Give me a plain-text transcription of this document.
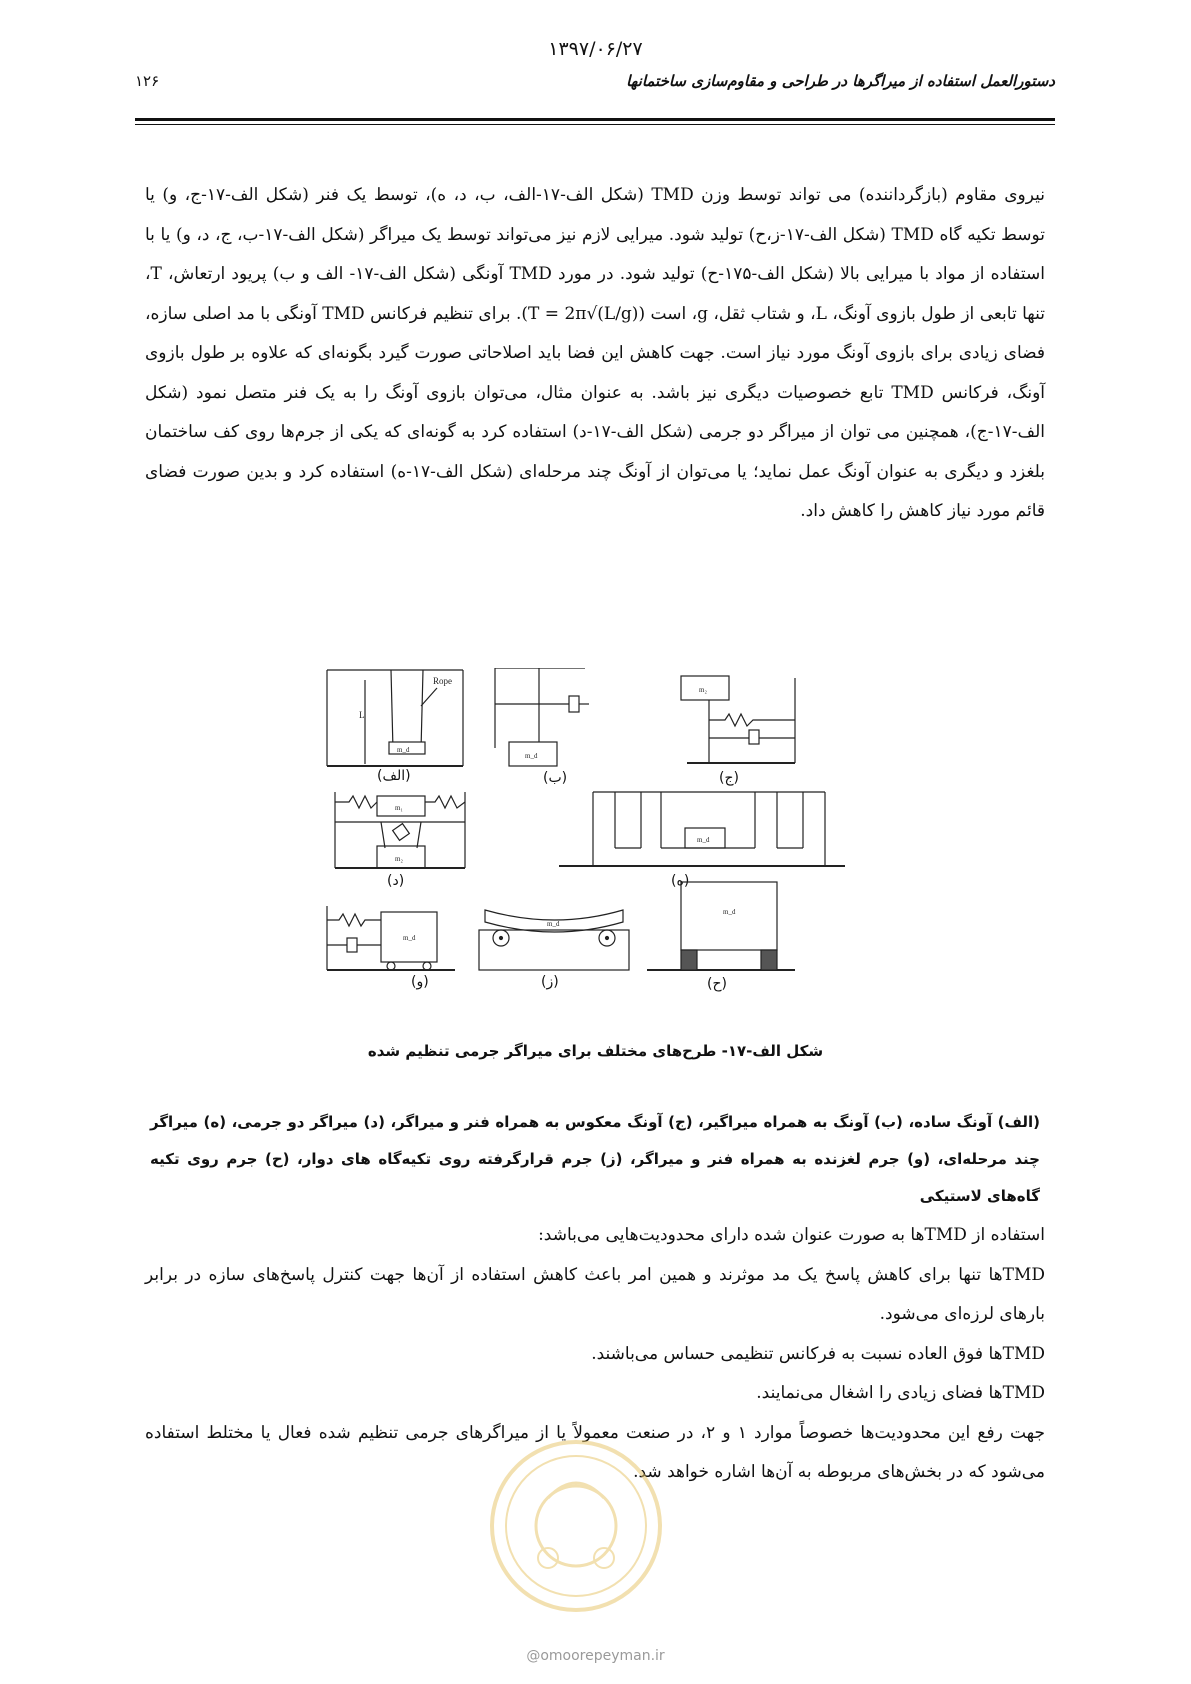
۱۳۹۷/۰۶/۲۷
دستورالعمل استفاده از میراگرها در طراحی و مقاوم‌سازی ساختمانها
۱۲۶
نیروی مقاوم (بازگرداننده) می تواند توسط وزن TMD (شکل الف-۱۷-الف، ب، د، ه)، توسط یک فنر (شکل الف-۱۷-ج، و) یا توسط تکیه گاه TMD (شکل الف-۱۷-ز،ح) تولید شود. میرایی لازم نیز می‌تواند توسط یک میراگر (شکل الف-۱۷-ب، ج، د، و) یا با استفاده از مواد با میرایی بالا (شکل الف-۱۷۵-ح) تولید شود. در مورد TMD آونگی (شکل الف-۱۷- الف و ب) پریود ارتعاش، T، تنها تابعی از طول بازوی آونگ، L، و شتاب ثقل، g، است (T = 2π√(L/g)). برای تنظیم فرکانس TMD آونگی با مد اصلی سازه، فضای زیادی برای بازوی آونگ مورد نیاز است. جهت کاهش این فضا باید اصلاحاتی صورت گیرد بگونه‌ای که علاوه بر طول بازوی آونگ، فرکانس TMD تابع خصوصیات دیگری نیز باشد. به عنوان مثال، می‌توان بازوی آونگ را به یک فنر متصل نمود (شکل الف-۱۷-ج)، همچنین می توان از میراگر دو جرمی (شکل الف-۱۷-د) استفاده کرد به گونه‌ای که یکی از جرم‌ها روی کف ساختمان بلغزد و دیگری به عنوان آونگ عمل نماید؛ یا می‌توان از آونگ چند مرحله‌ای (شکل الف-۱۷-ه) استفاده کرد و بدین صورت فضای قائم مورد نیاز کاهش را کاهش داد.
L
Rope
m_d
(الف)
m_d
(ب)
m₂
(ج)
m₁
m₂
(د)
m_d
(ه)
m_d
(و)
m_d
(ز)
m_d
(ح)
شکل الف-۱۷- طرح‌های مختلف برای میراگر جرمی تنظیم شده
(الف) آونگ ساده، (ب) آونگ به همراه میراگیر، (ج) آونگ معکوس به همراه فنر و میراگر، (د) میراگر دو جرمی، (ه) میراگر چند مرحله‌ای، (و) جرم لغزنده به همراه فنر و میراگر، (ز) جرم قرارگرفته روی تکیه‌گاه های دوار، (ح) جرم روی تکیه گاه‌های لاستیکی
استفاده از TMDها به صورت عنوان شده دارای محدودیت‌هایی می‌باشد:
TMDها تنها برای کاهش پاسخ یک مد موثرند و همین امر باعث کاهش استفاده از آن‌ها جهت کنترل پاسخ‌های سازه در برابر بارهای لرزه‌ای می‌شود.
TMDها فوق العاده نسبت به فرکانس تنظیمی حساس می‌باشند.
TMDها فضای زیادی را اشغال می‌نمایند.
جهت رفع این محدودیت‌ها خصوصاً موارد ۱ و ۲، در صنعت معمولاً یا از میراگرهای جرمی تنظیم شده فعال یا مختلط استفاده می‌شود که در بخش‌های مربوطه به آن‌ها اشاره خواهد شد.
@omoorepeyman.ir
